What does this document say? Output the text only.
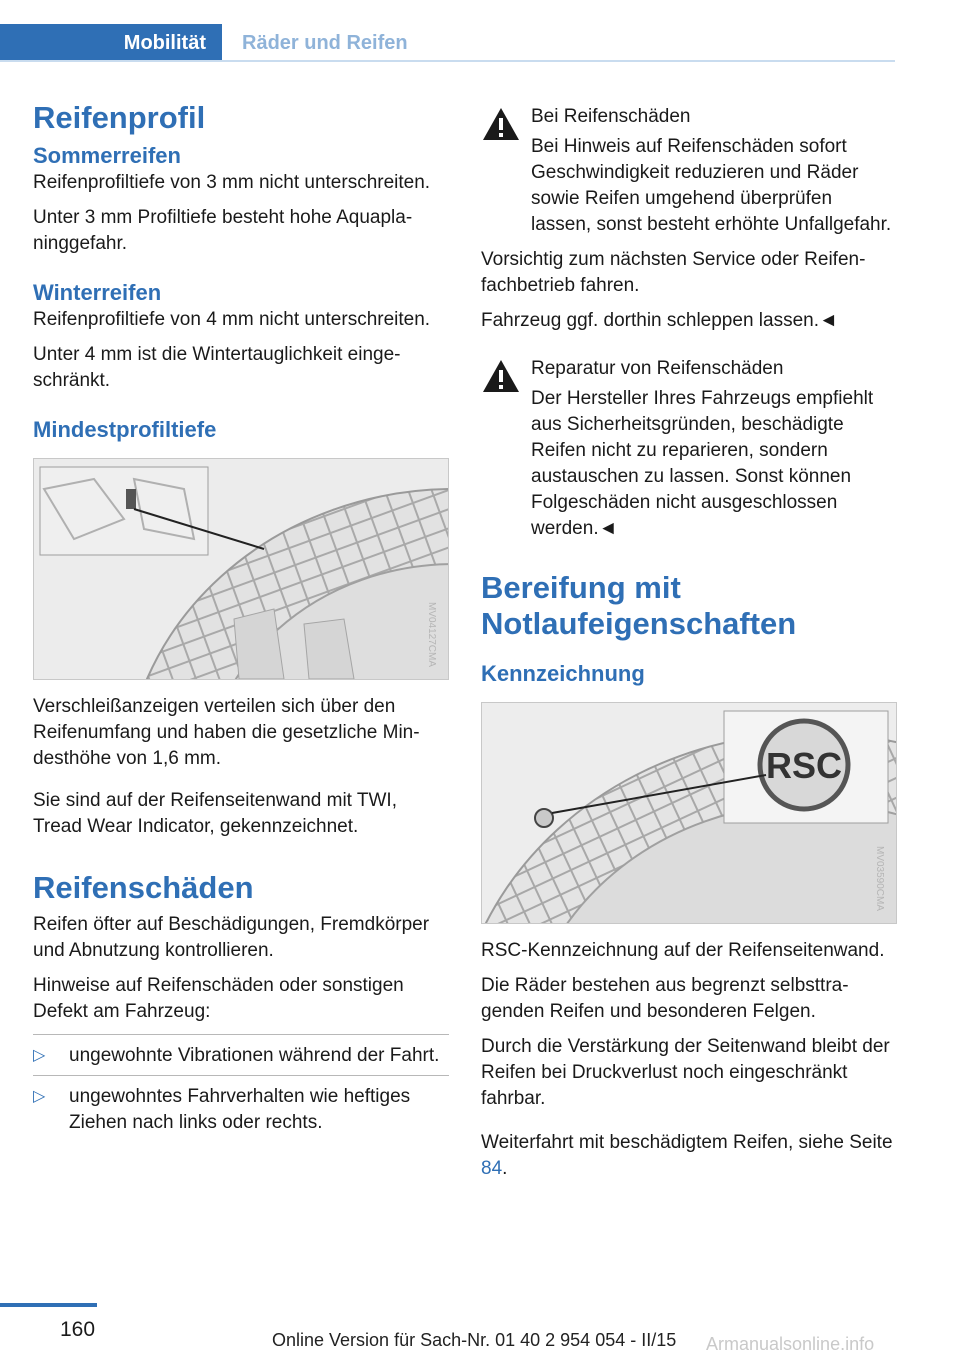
Mobilität Räder und Reifen
Reifenprofil
Sommerreifen

Reifenprofiltiefe von 3 mm nicht unterschreiten.

Unter 3 mm Profiltiefe besteht hohe Aquaplaninggefahr.

Winterreifen

Reifenprofiltiefe von 4 mm nicht unterschreiten.

Unter 4 mm ist die Wintertauglichkeit eingeschränkt.

Mindestprofiltiefe
MV04127CMA

Verschleißanzeigen verteilen sich über den Reifenumfang und haben die gesetzliche Mindesthöhe von 1,6 mm.

Sie sind auf der Reifenseitenwand mit TWI, Tread Wear Indicator, gekennzeichnet.

Reifenschäden

Reifen öfter auf Beschädigungen, Fremdkörper und Abnutzung kontrollieren.

Hinweise auf Reifenschäden oder sonstigen Defekt am Fahrzeug:

▷ ungewohnte Vibrationen während der Fahrt.
▷ ungewohntes Fahrverhalten wie heftiges Ziehen nach links oder rechts.

Bei Reifenschäden

Bei Hinweis auf Reifenschäden sofort Geschwindigkeit reduzieren und Räder sowie Reifen umgehend überprüfen lassen, sonst besteht erhöhte Unfallgefahr.

Vorsichtig zum nächsten Service oder Reifenfachbetrieb fahren.

Fahrzeug ggf. dorthin schleppen lassen.◄

Reparatur von Reifenschäden

Der Hersteller Ihres Fahrzeugs empfiehlt aus Sicherheitsgründen, beschädigte Reifen nicht zu reparieren, sondern austauschen zu lassen. Sonst können Folgeschäden nicht ausgeschlossen werden.◄

Bereifung mit
Notlaufeigenschaften
Kennzeichnung
RSC
MV03590CMA

RSC-Kennzeichnung auf der Reifenseitenwand.

Die Räder bestehen aus begrenzt selbsttragenden Reifen und besonderen Felgen.

Durch die Verstärkung der Seitenwand bleibt der Reifen bei Druckverlust noch eingeschränkt fahrbar.

Weiterfahrt mit beschädigtem Reifen, siehe Seite 84.

160	Online Version für Sach-Nr. 01 40 2 954 054 - II/15 Armanualsonline.info
